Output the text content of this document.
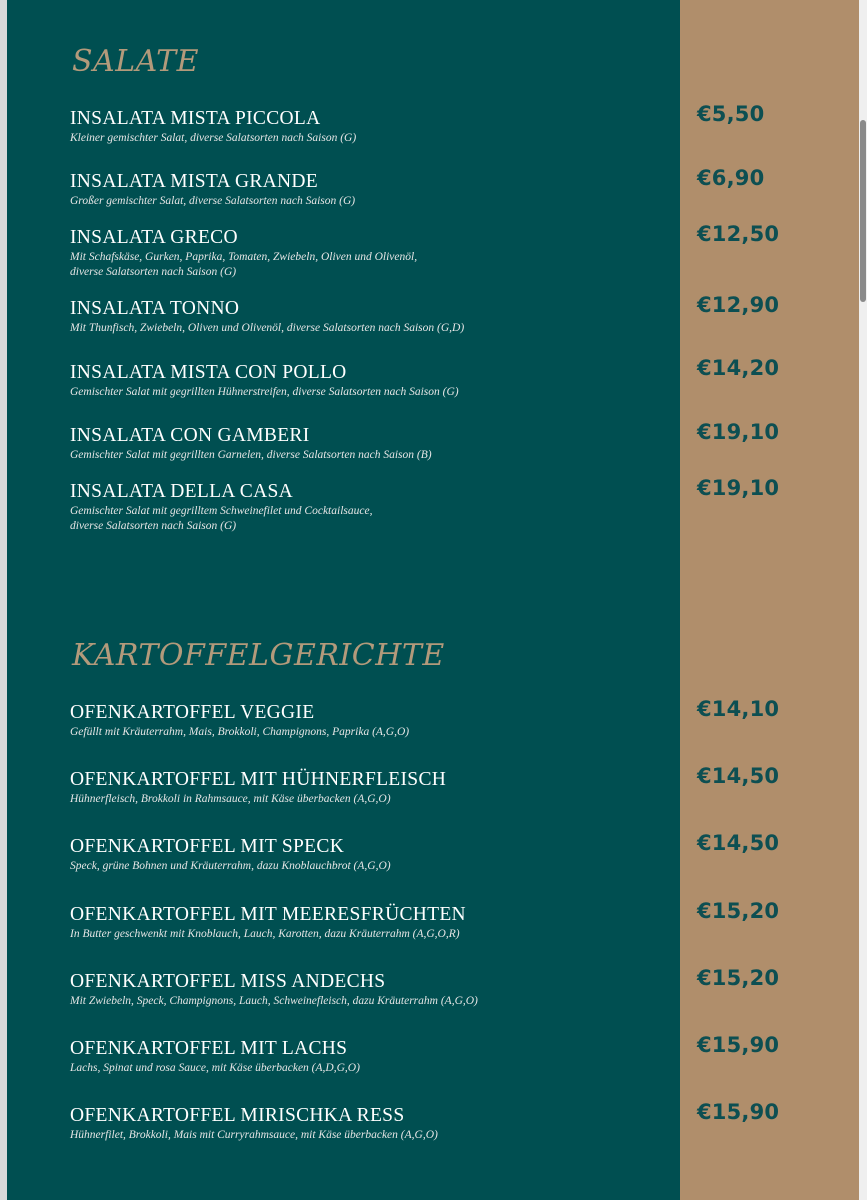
SALATE
INSALATA MISTA PICCOLA
Kleiner gemischter Salat, diverse Salatsorten nach Saison (G)
€5,50
INSALATA MISTA GRANDE
Großer gemischter Salat, diverse Salatsorten nach Saison (G)
€6,90
INSALATA GRECO
Mit Schafskäse, Gurken, Paprika, Tomaten, Zwiebeln, Oliven und Olivenöl,
diverse Salatsorten nach Saison (G)
€12,50
INSALATA TONNO
Mit Thunfisch, Zwiebeln, Oliven und Olivenöl, diverse Salatsorten nach Saison (G,D)
€12,90
INSALATA MISTA CON POLLO
Gemischter Salat mit gegrillten Hühnerstreifen, diverse Salatsorten nach Saison (G)
€14,20
INSALATA CON GAMBERI
Gemischter Salat mit gegrillten Garnelen, diverse Salatsorten nach Saison (B)
€19,10
INSALATA DELLA CASA
Gemischter Salat mit gegrilltem Schweinefilet und Cocktailsauce,
diverse Salatsorten nach Saison (G)
€19,10
KARTOFFELGERICHTE
OFENKARTOFFEL VEGGIE
Gefüllt mit Kräuterrahm, Mais, Brokkoli, Champignons, Paprika (A,G,O)
€14,10
OFENKARTOFFEL MIT HÜHNERFLEISCH
Hühnerfleisch, Brokkoli in Rahmsauce, mit Käse überbacken (A,G,O)
€14,50
OFENKARTOFFEL MIT SPECK
Speck, grüne Bohnen und Kräuterrahm, dazu Knoblauchbrot (A,G,O)
€14,50
OFENKARTOFFEL MIT MEERESFRÜCHTEN
In Butter geschwenkt mit Knoblauch, Lauch, Karotten, dazu Kräuterrahm (A,G,O,R)
€15,20
OFENKARTOFFEL MISS ANDECHS
Mit Zwiebeln, Speck, Champignons, Lauch, Schweinefleisch, dazu Kräuterrahm (A,G,O)
€15,20
OFENKARTOFFEL MIT LACHS
Lachs, Spinat und rosa Sauce, mit Käse überbacken (A,D,G,O)
€15,90
OFENKARTOFFEL MIRISCHKA RESS
Hühnerfilet, Brokkoli, Mais mit Curryrahmsauce, mit Käse überbacken (A,G,O)
€15,90
